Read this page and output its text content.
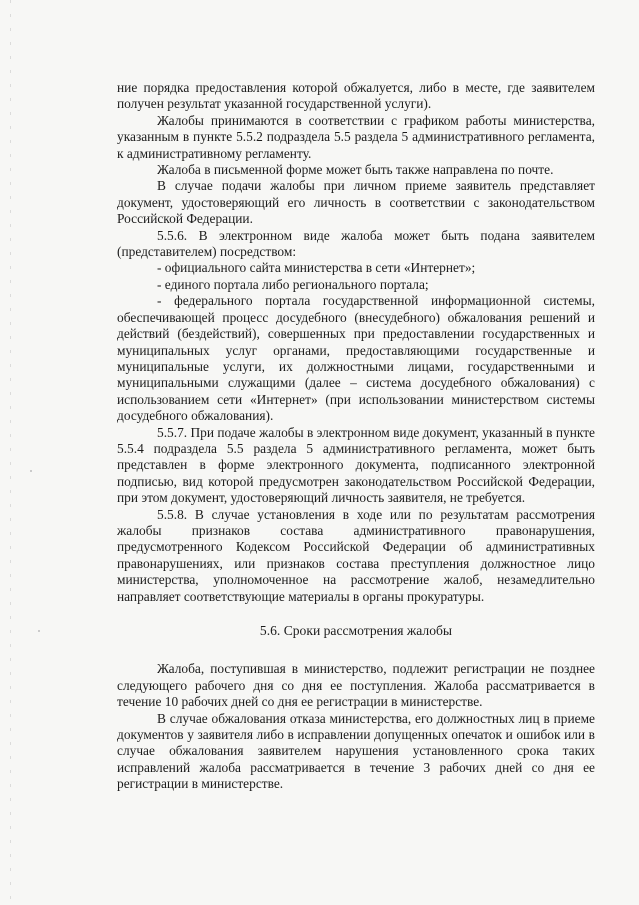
ние порядка предоставления которой обжалуется, либо в месте, где заявителем получен результат указанной государственной услуги).

Жалобы принимаются в соответствии с графиком работы министерства, указанным в пункте 5.5.2 подраздела 5.5 раздела 5 административного регламента, к административному регламенту.

Жалоба в письменной форме может быть также направлена по почте.

В случае подачи жалобы при личном приеме заявитель представляет документ, удостоверяющий его личность в соответствии с законодательством Российской Федерации.

5.5.6. В электронном виде жалоба может быть подана заявителем (представителем) посредством:

- официального сайта министерства в сети «Интернет»;

- единого портала либо регионального портала;

- федерального портала государственной информационной системы, обеспечивающей процесс досудебного (внесудебного) обжалования решений и действий (бездействий), совершенных при предоставлении государственных и муниципальных услуг органами, предоставляющими государственные и муниципальные услуги, их должностными лицами, государственными и муниципальными служащими (далее – система досудебного обжалования) с использованием сети «Интернет» (при использовании министерством системы досудебного обжалования).

5.5.7. При подаче жалобы в электронном виде документ, указанный в пункте 5.5.4 подраздела 5.5 раздела 5 административного регламента, может быть представлен в форме электронного документа, подписанного электронной подписью, вид которой предусмотрен законодательством Российской Федерации, при этом документ, удостоверяющий личность заявителя, не требуется.

5.5.8. В случае установления в ходе или по результатам рассмотрения жалобы признаков состава административного правонарушения, предусмотренного Кодексом Российской Федерации об административных правонарушениях, или признаков состава преступления должностное лицо министерства, уполномоченное на рассмотрение жалоб, незамедлительно направляет соответствующие материалы в органы прокуратуры.

5.6. Сроки рассмотрения жалобы

Жалоба, поступившая в министерство, подлежит регистрации не позднее следующего рабочего дня со дня ее поступления. Жалоба рассматривается в течение 10 рабочих дней со дня ее регистрации в министерстве.

В случае обжалования отказа министерства, его должностных лиц в приеме документов у заявителя либо в исправлении допущенных опечаток и ошибок или в случае обжалования заявителем нарушения установленного срока таких исправлений жалоба рассматривается в течение 3 рабочих дней со дня ее регистрации в министерстве.
